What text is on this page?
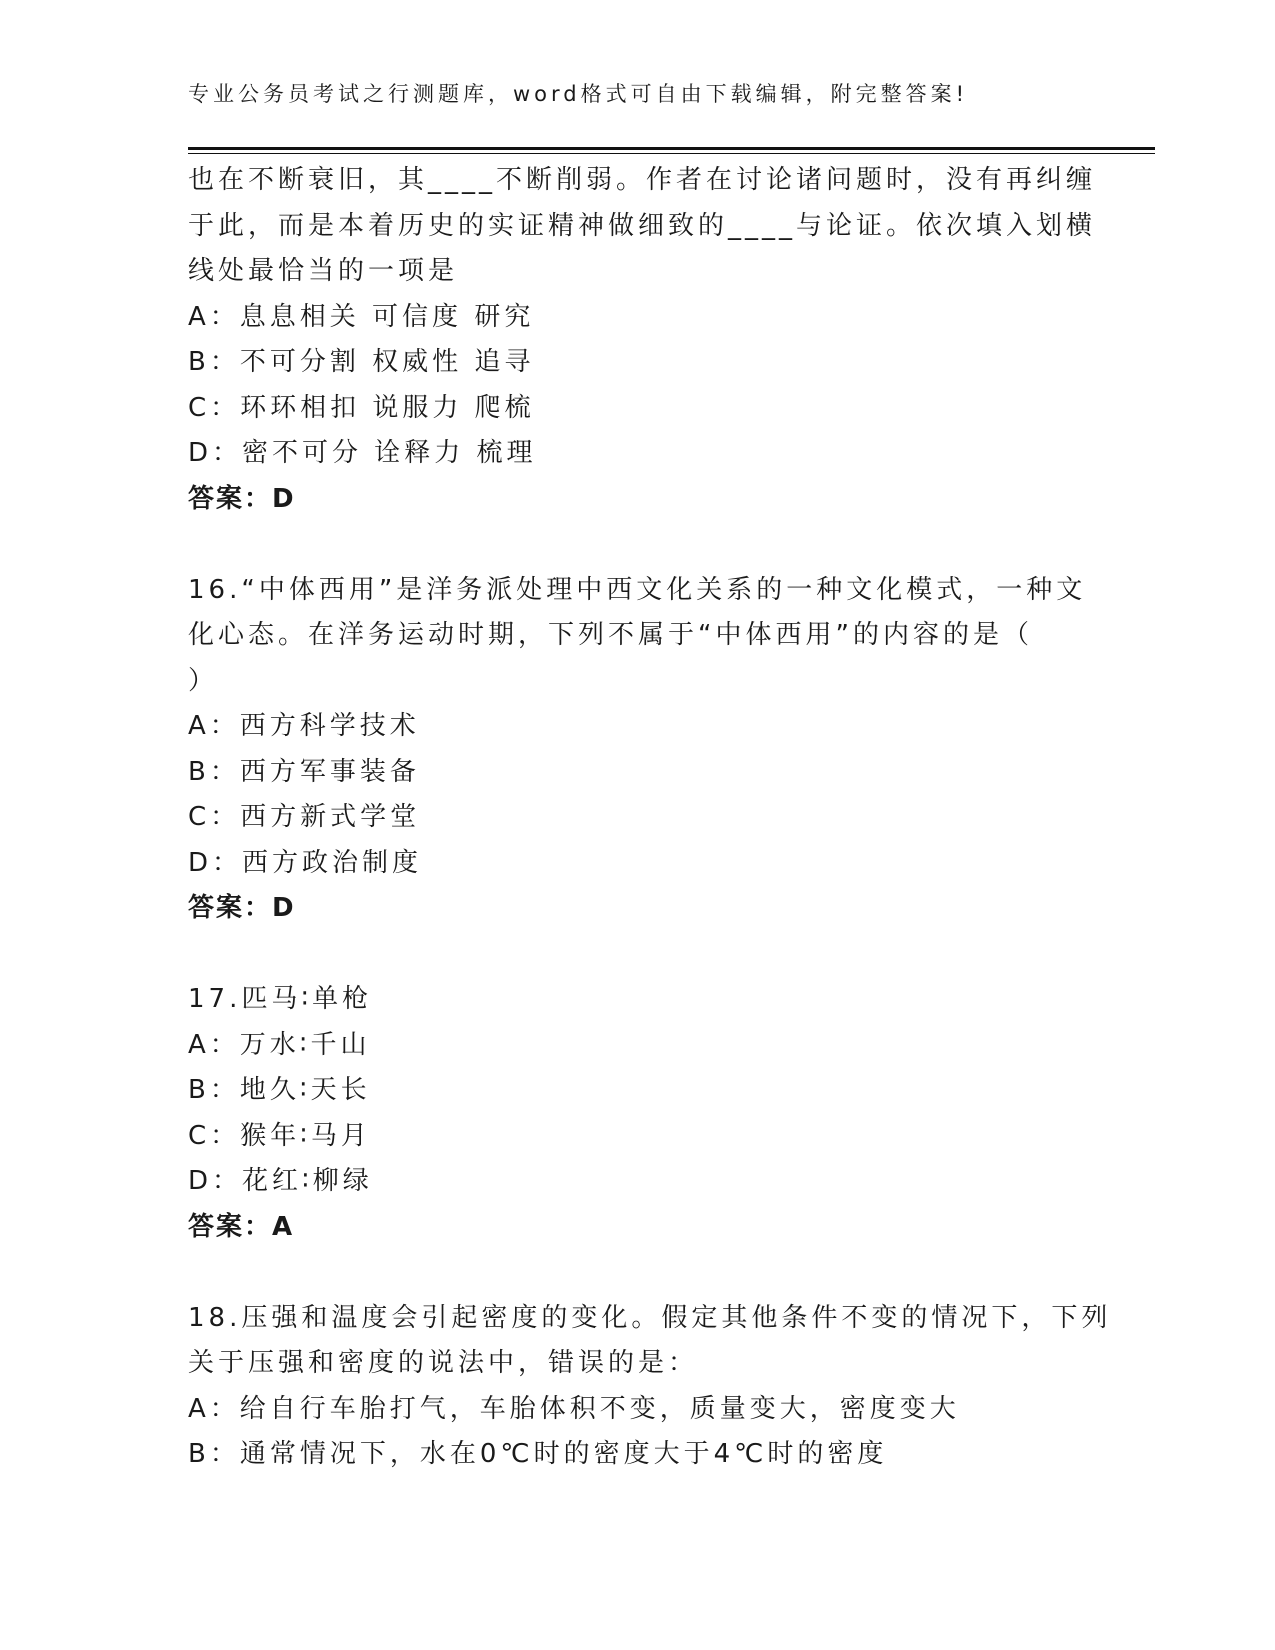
专业公务员考试之行测题库，word格式可自由下载编辑，附完整答案!
也在不断衰旧，其____不断削弱。作者在讨论诸问题时，没有再纠缠
于此，而是本着历史的实证精神做细致的____与论证。依次填入划横
线处最恰当的一项是
A：息息相关 可信度 研究
B：不可分割 权威性 追寻
C：环环相扣 说服力 爬梳
D：密不可分 诠释力 梳理
答案：D
16.“中体西用”是洋务派处理中西文化关系的一种文化模式，一种文
化心态。在洋务运动时期，下列不属于“中体西用”的内容的是（
）
A：西方科学技术
B：西方军事装备
C：西方新式学堂
D：西方政治制度
答案：D
17.匹马∶单枪
A：万水∶千山
B：地久∶天长
C：猴年∶马月
D：花红∶柳绿
答案：A
18.压强和温度会引起密度的变化。假定其他条件不变的情况下，下列
关于压强和密度的说法中，错误的是：
A：给自行车胎打气，车胎体积不变，质量变大，密度变大
B：通常情况下，水在0℃时的密度大于4℃时的密度
